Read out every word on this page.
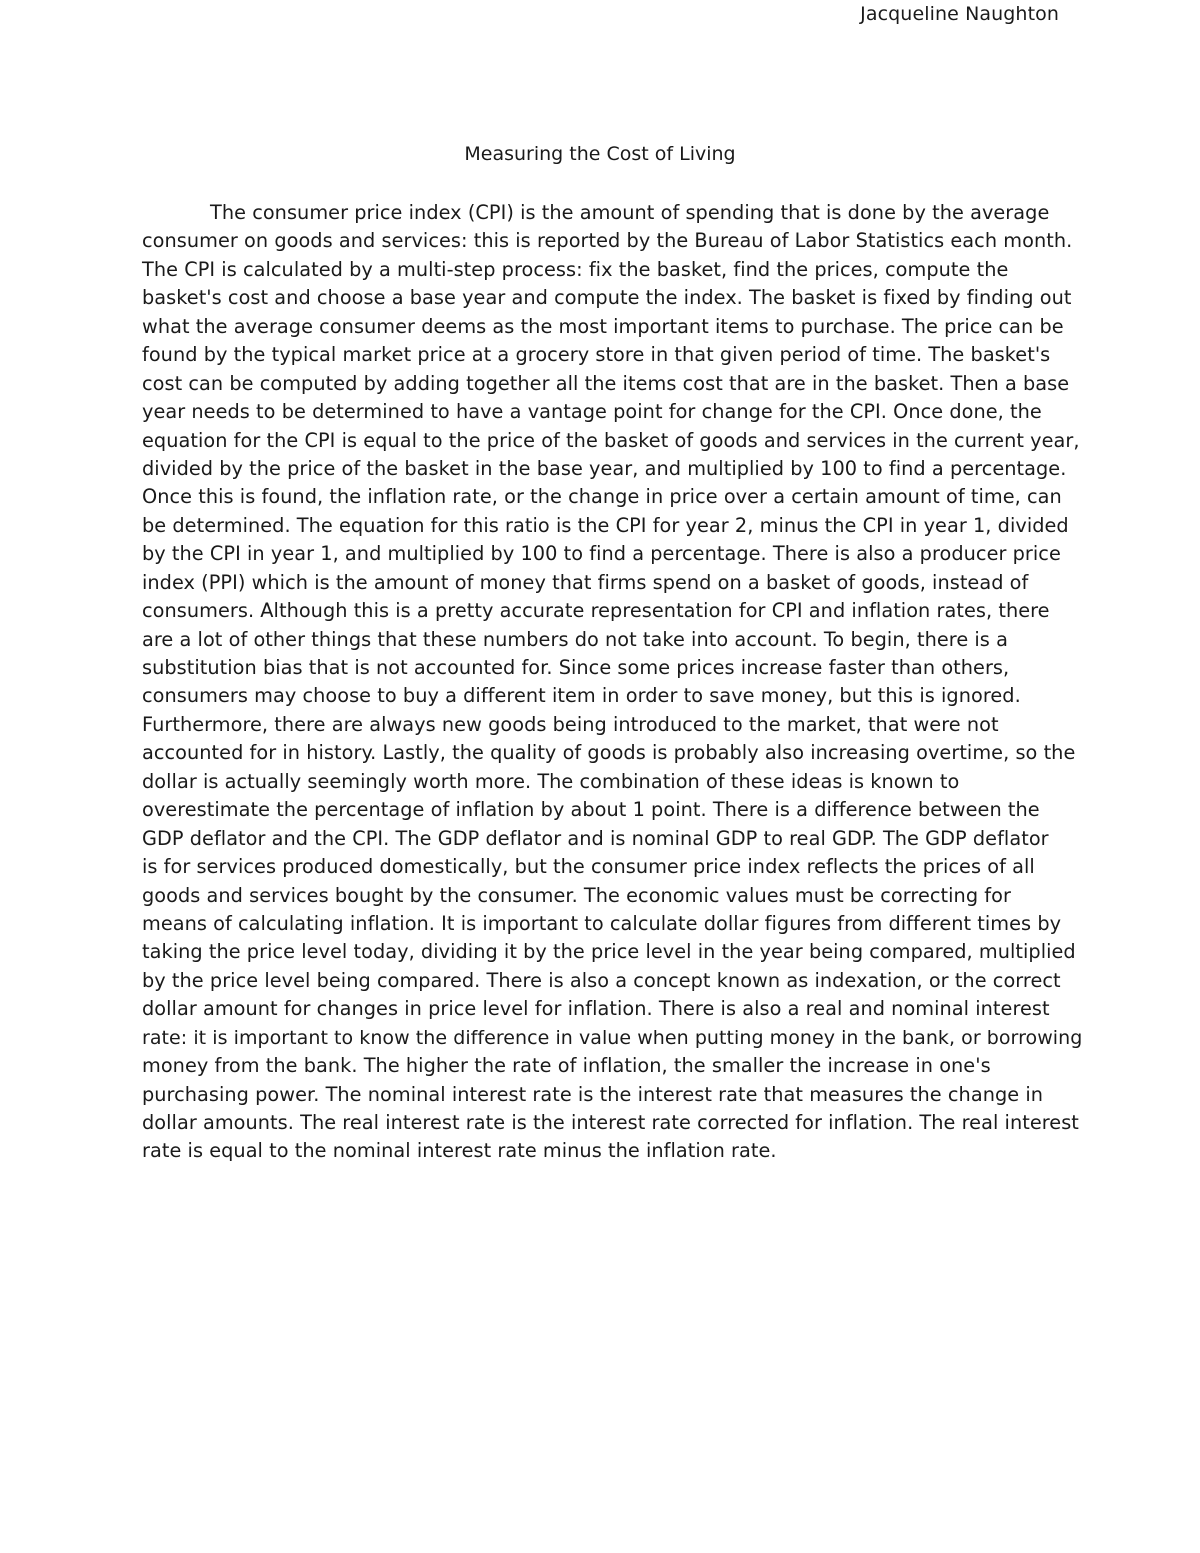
Jacqueline Naughton
Measuring the Cost of Living
The consumer price index (CPI) is the amount of spending that is done by the average
consumer on goods and services: this is reported by the Bureau of Labor Statistics each month.
The CPI is calculated by a multi-step process: fix the basket, find the prices, compute the
basket's cost and choose a base year and compute the index. The basket is fixed by finding out
what the average consumer deems as the most important items to purchase. The price can be
found by the typical market price at a grocery store in that given period of time. The basket's
cost can be computed by adding together all the items cost that are in the basket. Then a base
year needs to be determined to have a vantage point for change for the CPI. Once done, the
equation for the CPI is equal to the price of the basket of goods and services in the current year,
divided by the price of the basket in the base year, and multiplied by 100 to find a percentage.
Once this is found, the inflation rate, or the change in price over a certain amount of time, can
be determined. The equation for this ratio is the CPI for year 2, minus the CPI in year 1, divided
by the CPI in year 1, and multiplied by 100 to find a percentage. There is also a producer price
index (PPI) which is the amount of money that firms spend on a basket of goods, instead of
consumers. Although this is a pretty accurate representation for CPI and inflation rates, there
are a lot of other things that these numbers do not take into account. To begin, there is a
substitution bias that is not accounted for. Since some prices increase faster than others,
consumers may choose to buy a different item in order to save money, but this is ignored.
Furthermore, there are always new goods being introduced to the market, that were not
accounted for in history. Lastly, the quality of goods is probably also increasing overtime, so the
dollar is actually seemingly worth more. The combination of these ideas is known to
overestimate the percentage of inflation by about 1 point. There is a difference between the
GDP deflator and the CPI. The GDP deflator and is nominal GDP to real GDP. The GDP deflator
is for services produced domestically, but the consumer price index reflects the prices of all
goods and services bought by the consumer. The economic values must be correcting for
means of calculating inflation. It is important to calculate dollar figures from different times by
taking the price level today, dividing it by the price level in the year being compared, multiplied
by the price level being compared. There is also a concept known as indexation, or the correct
dollar amount for changes in price level for inflation. There is also a real and nominal interest
rate: it is important to know the difference in value when putting money in the bank, or borrowing
money from the bank. The higher the rate of inflation, the smaller the increase in one's
purchasing power. The nominal interest rate is the interest rate that measures the change in
dollar amounts. The real interest rate is the interest rate corrected for inflation. The real interest
rate is equal to the nominal interest rate minus the inflation rate.
